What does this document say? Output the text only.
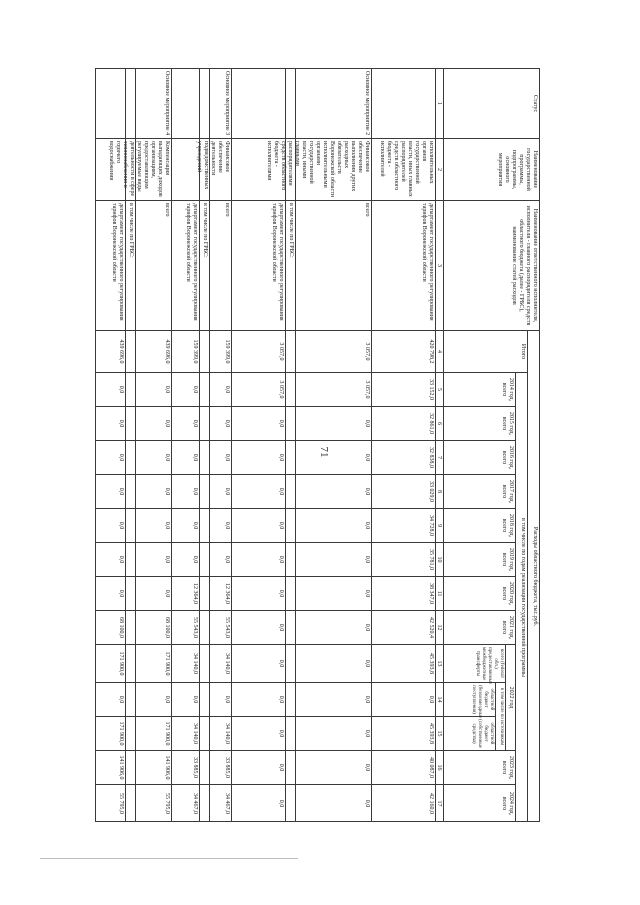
71
Статус
Наименование государственной программы, подпрограммы, основного мероприятия
Наименование ответственного исполнителя, исполнителя - главного распорядителя средств областного бюджета (далее - ГРБС), наименование статей расходов
Расходы областного бюджета, тыс.руб.
Итого
в том числе по годам реализации государственной программы
2014 год, всего
2015 год, всего
2016 год, всего
2017 год, всего
2018 год, всего
2019 год, всего
2020 год, всего
2021 год, всего
2022 год
всего (federal/обл.) предоставляемые межбюджетные трансферты
в том числе по источникам
областной бюджет (безвозмездные поступления)
областной бюджет (собственные средства)
2023 год, всего
2024 год, всего
1
2
3
4
5
6
7
8
9
10
11
12
13
14
15
16
17
исполнительных органов государственной власти, иных главных распорядителей средств областного бюджета - исполнителей
департамент государственного регулирования тарифов Воронежской области
420 798,2
33 152,0
32 861,0
32 838,0
33 029,0
34 728,0
35 781,0
38 347,0
42 520,4
45 393,8
0,0
45 393,8
40 087,0
42 160,0
Основное мероприятие 2
Финансовое обеспечение выполнения других расходных обязательств Воронежской области исполнительными органами государственной власти, иными главными распорядителями средств областного бюджета - исполнителями
всего
3 057,0
3 057,0
0,0
0,0
0,0
0,0
0,0
0,0
0,0
0,0
0,0
0,0
0,0
0,0
в том числе по ГРБС:
департамент государственного регулирования тарифов Воронежской области
3 057,0
3 057,0
0,0
0,0
0,0
0,0
0,0
0,0
0,0
0,0
0,0
0,0
0,0
0,0
Основное мероприятие 3
Финансовое обеспечение деятельности подведомственных учреждений
всего
159 399,0
0,0
0,0
0,0
0,0
0,0
0,0
12 364,0
55 543,0
34 140,0
0,0
34 140,0
33 885,0
34 467,0
в том числе по ГРБС:
департамент государственного регулирования тарифов Воронежской области
159 399,0
0,0
0,0
0,0
0,0
0,0
0,0
12 364,0
55 543,0
34 140,0
0,0
34 140,0
33 885,0
34 467,0
Основное мероприятие 4
Компенсация выпадающих доходов организациям, предоставляющим регулируемые виды деятельности в сфере теплоснабжения и горячего водоснабжения
всего
439 696,0
0,0
0,0
0,0
0,0
0,0
0,0
0,0
68 100,0
171 900,0
0,0
171 900,0
141 906,0
55 795,0
в том числе по ГРБС:
департамент государственного регулирования тарифов Воронежской области
439 696,0
0,0
0,0
0,0
0,0
0,0
0,0
0,0
68 100,0
171 900,0
0,0
171 900,0
141 906,0
55 795,0
